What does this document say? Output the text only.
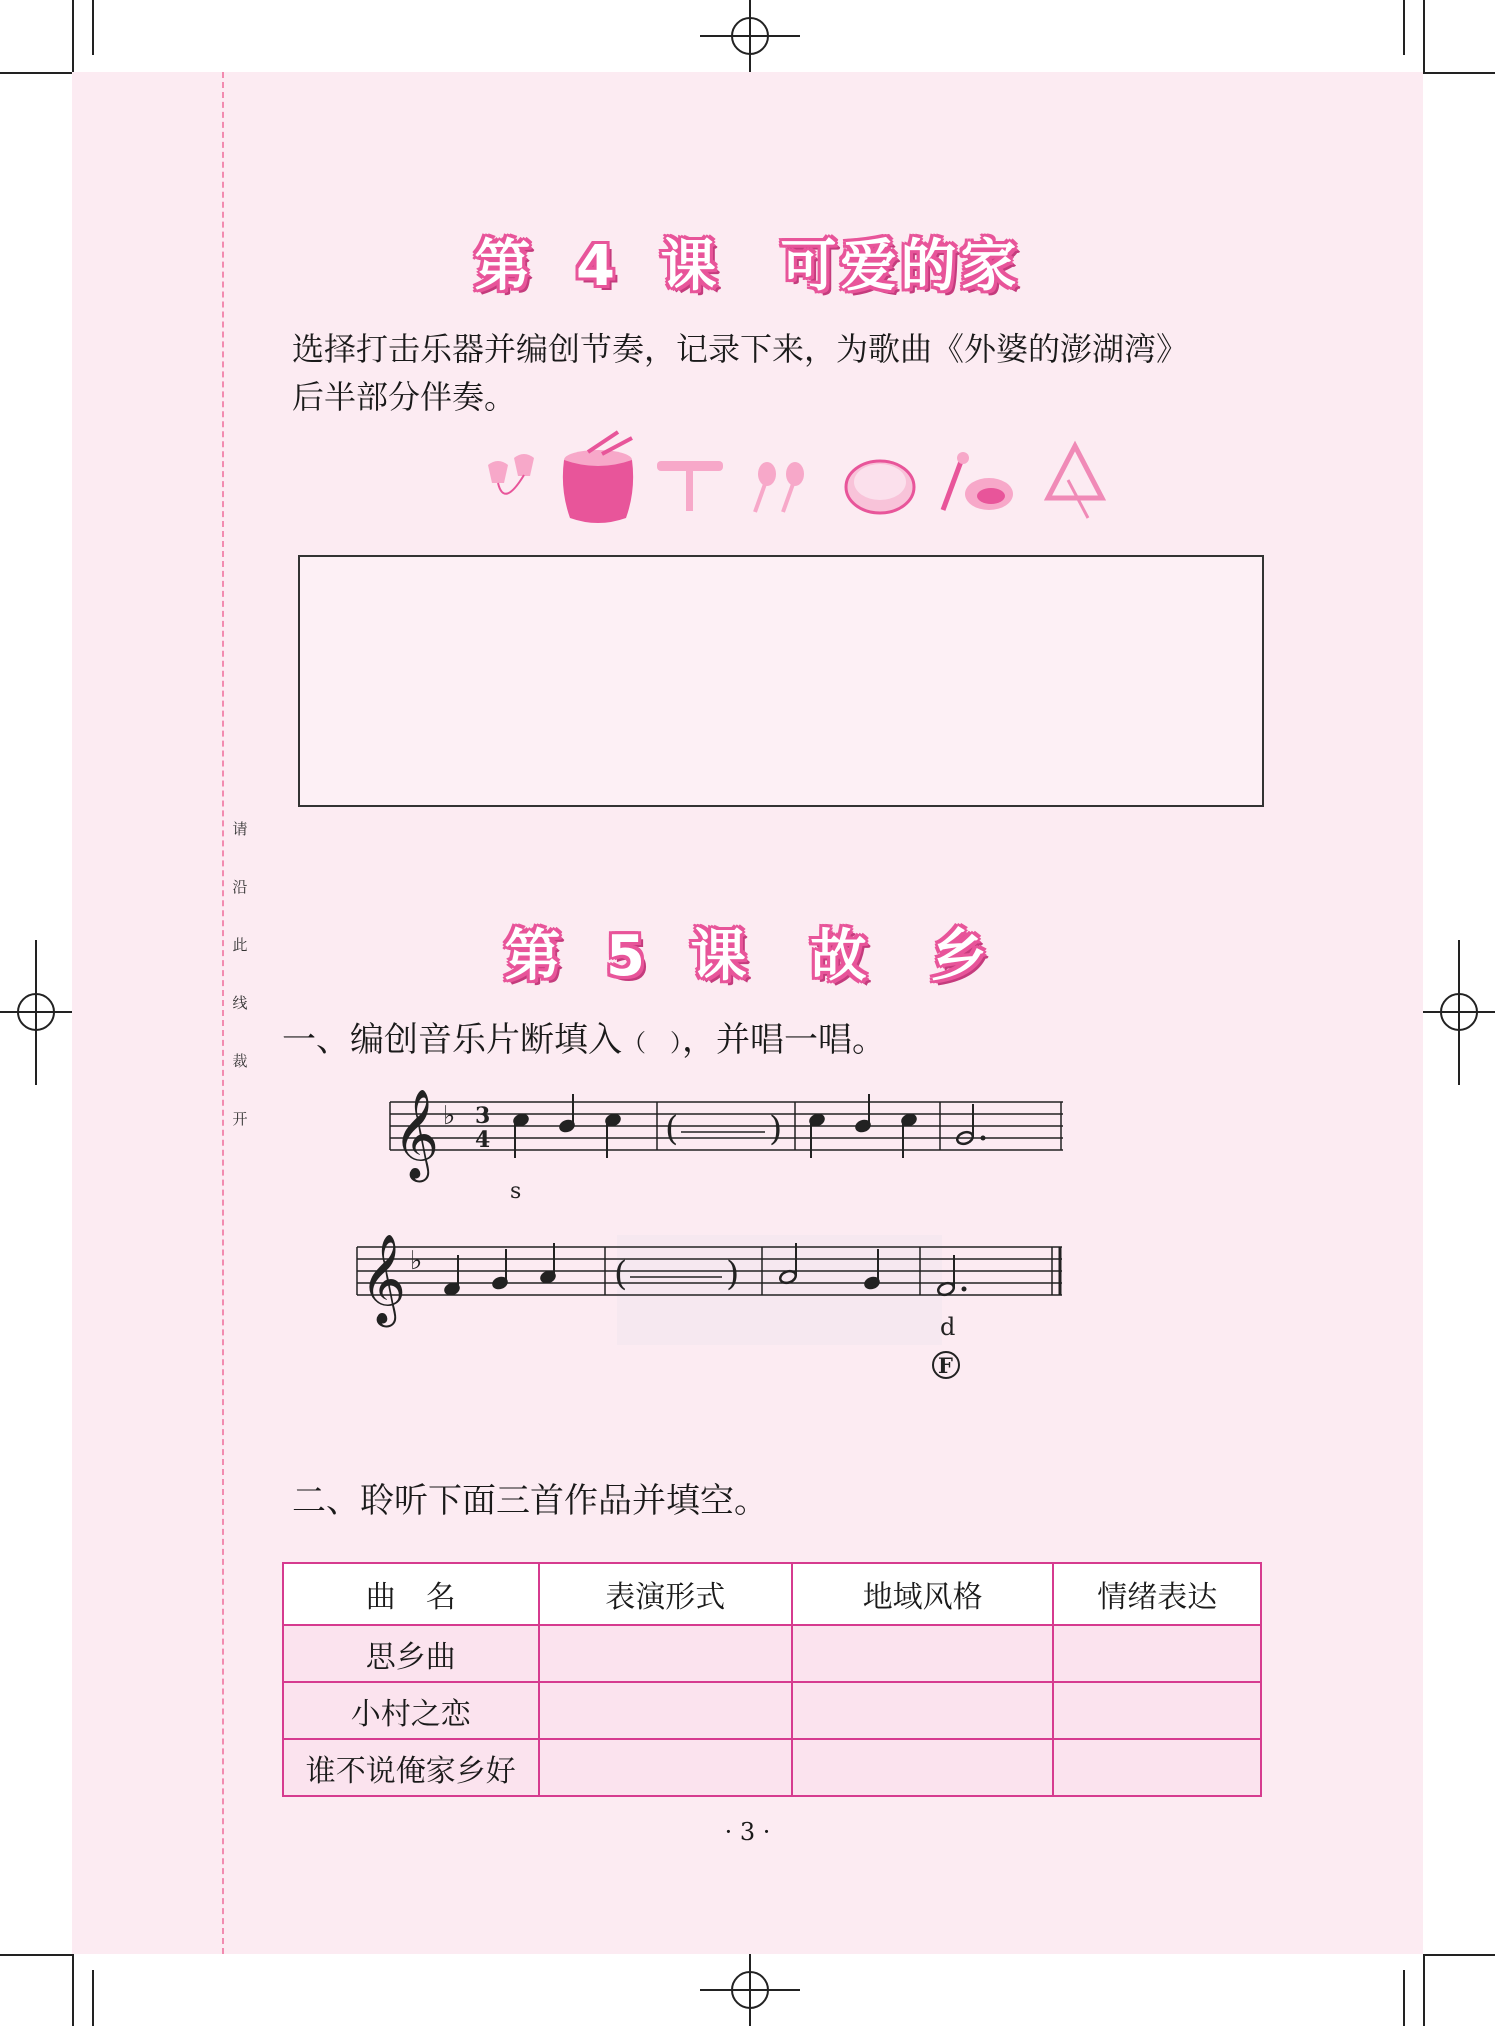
请
沿
此
线
裁
开
第 4 课　可爱的家
选择打击乐器并编创节奏，记录下来，为歌曲《外婆的澎湖湾》
后半部分伴奏。
第 5 课　故　乡
一、编创音乐片断填入（　），并唱一唱。
𝄞 ♭ 3
4	(	)
s
𝄞 ♭	(	)
d
F
二、聆听下面三首作品并填空。
曲　名	表演形式	地域风格	情绪表达
思乡曲			
小村之恋			
谁不说俺家乡好			
· 3 ·
